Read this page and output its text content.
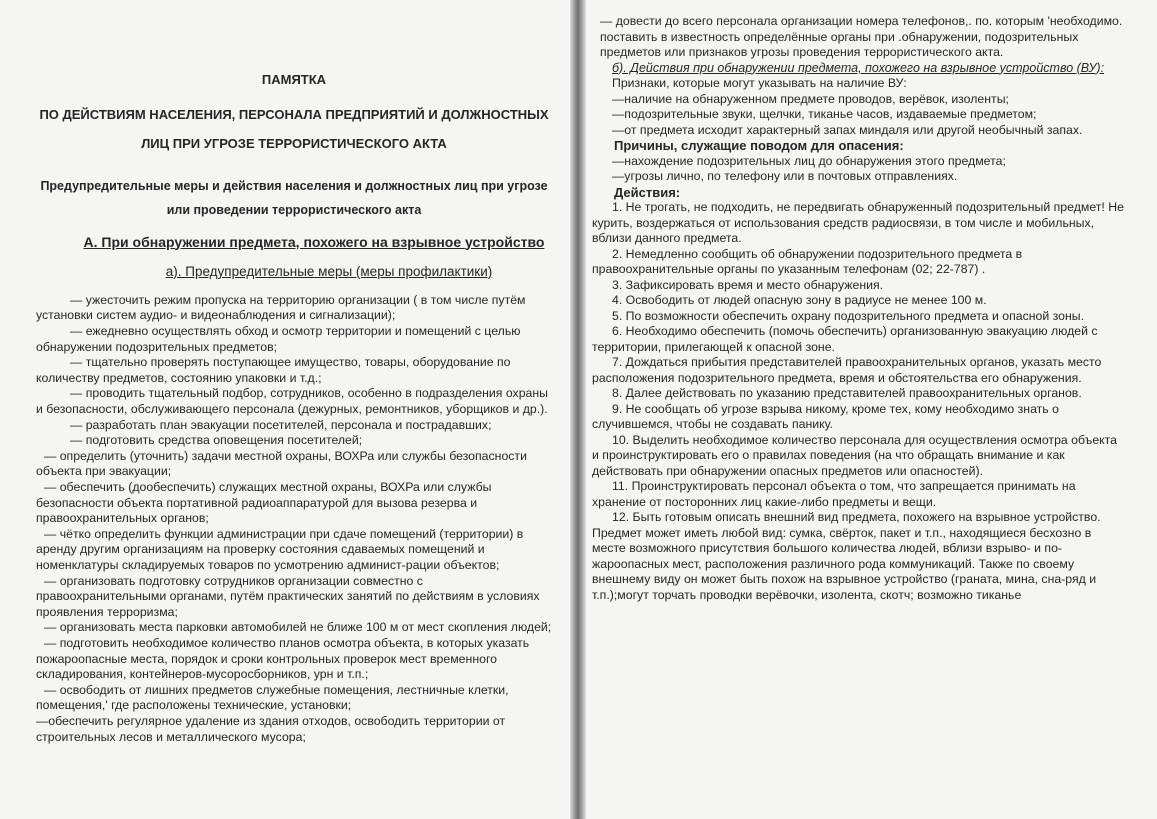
ПАМЯТКА

ПО ДЕЙСТВИЯМ НАСЕЛЕНИЯ, ПЕРСОНАЛА ПРЕДПРИЯТИЙ И ДОЛЖНОСТНЫХ

ЛИЦ ПРИ УГРОЗЕ ТЕРРОРИСТИЧЕСКОГО АКТА

Предупредительные меры и действия населения и должностных лиц при угрозе
или проведении террористического акта

А. При обнаружении предмета, похожего на взрывное устройство

а). Предупредительные меры (меры профилактики)

— ужесточить режим пропуска на территорию организации ( в том числе путём установки систем аудио- и видеонаблюдения и сигнализации);

— ежедневно осуществлять обход и осмотр территории и помещений с целью обнаружении подозрительных предметов;

— тщательно проверять поступающее имущество, товары, оборудование по количеству предметов, состоянию упаковки и т.д.;

— проводить тщательный подбор, сотрудников, особенно в подразделения охраны и безопасности, обслуживающего персонала (дежурных, ремонтников, уборщиков и др.).

— разработать план эвакуации посетителей, персонала и пострадавших;

— подготовить средства оповещения посетителей;

— определить (уточнить) задачи местной охраны, ВОХРа или службы безопасности объекта при эвакуации;

— обеспечить (дообеспечить) служащих местной охраны, ВОХРа или службы безопасности объекта портативной радиоаппаратурой для вызова резерва и правоохранительных органов;

— чётко определить функции администрации при сдаче помещений (территории) в аренду другим организациям на проверку состояния сдаваемых помещений и номенклатуры складируемых товаров по усмотрению админист-рации объектов;

— организовать подготовку сотрудников организации совместно с правоохранительными органами, путём практических занятий по действиям в условиях проявления терроризма;

— организовать места парковки автомобилей не ближе 100 м от мест скопления людей;

— подготовить необходимое количество планов осмотра объекта, в которых указать пожароопасные места, порядок и сроки контрольных проверок мест временного складирования, контейнеров-мусоросборников, урн и т.п.;

— освободить от лишних предметов служебные помещения, лестничные клетки, помещения,' где расположены технические, установки;

—обеспечить регулярное удаление из здания отходов, освободить территории от строительных лесов и металлического мусора;

— довести до всего персонала организации номера телефонов,. по. которым 'необходимо. поставить в известность определённые органы при .обнаружении, подозрительных предметов или признаков угрозы проведения террористического акта.

б). Действия при обнаружении предмета, похожего на взрывное устройство (ВУ):

Признаки, которые могут указывать на наличие ВУ:

—наличие на обнаруженном предмете проводов, верёвок, изоленты;

—подозрительные звуки, щелчки, тиканье часов, издаваемые предметом;

—от предмета исходит характерный запах миндаля или другой необычный запах.

Причины, служащие поводом для опасения:

—нахождение подозрительных лиц до обнаружения этого предмета;

—угрозы лично, по телефону или в почтовых отправлениях.

Действия:

1. Не трогать, не подходить, не передвигать обнаруженный подозрительный предмет! Не курить, воздержаться от использования средств радиосвязи, в том числе и мобильных, вблизи данного предмета.

2. Немедленно сообщить об обнаружении подозрительного предмета в правоохранительные органы по указанным телефонам (02; 22-787) .

3. Зафиксировать время и место обнаружения.

4. Освободить от людей опасную зону в радиусе не менее 100 м.

5. По возможности обеспечить охрану подозрительного предмета и опасной зоны.

6. Необходимо обеспечить (помочь обеспечить) организованную эвакуацию людей с территории, прилегающей к опасной зоне.

7. Дождаться прибытия представителей правоохранительных органов, указать место расположения подозрительного предмета, время и обстоятельства его обнаружения.

8. Далее действовать по указанию представителей правоохранительных органов.

9. Не сообщать об угрозе взрыва никому, кроме тех, кому необходимо знать о случившемся, чтобы не создавать панику.

10. Выделить необходимое количество персонала для осуществления осмотра объекта и проинструктировать его о правилах поведения (на что обращать внимание и как действовать при обнаружении опасных предметов или опасностей).

11. Проинструктировать персонал объекта о том, что запрещается принимать на хранение от посторонних лиц какие-либо предметы и вещи.

12. Быть готовым описать внешний вид предмета, похожего на взрывное устройство.

Предмет может иметь любой вид: сумка, свёрток, пакет и т.п., находящиеся бесхозно в месте возможного присутствия большого количества людей, вблизи взрыво- и по-жароопасных мест, расположения различного рода коммуникаций. Также по своему внешнему виду он может быть похож на взрывное устройство (граната, мина, сна-ряд и т.п.);могут торчать проводки верёвочки, изолента, скотч; возможно тиканье
